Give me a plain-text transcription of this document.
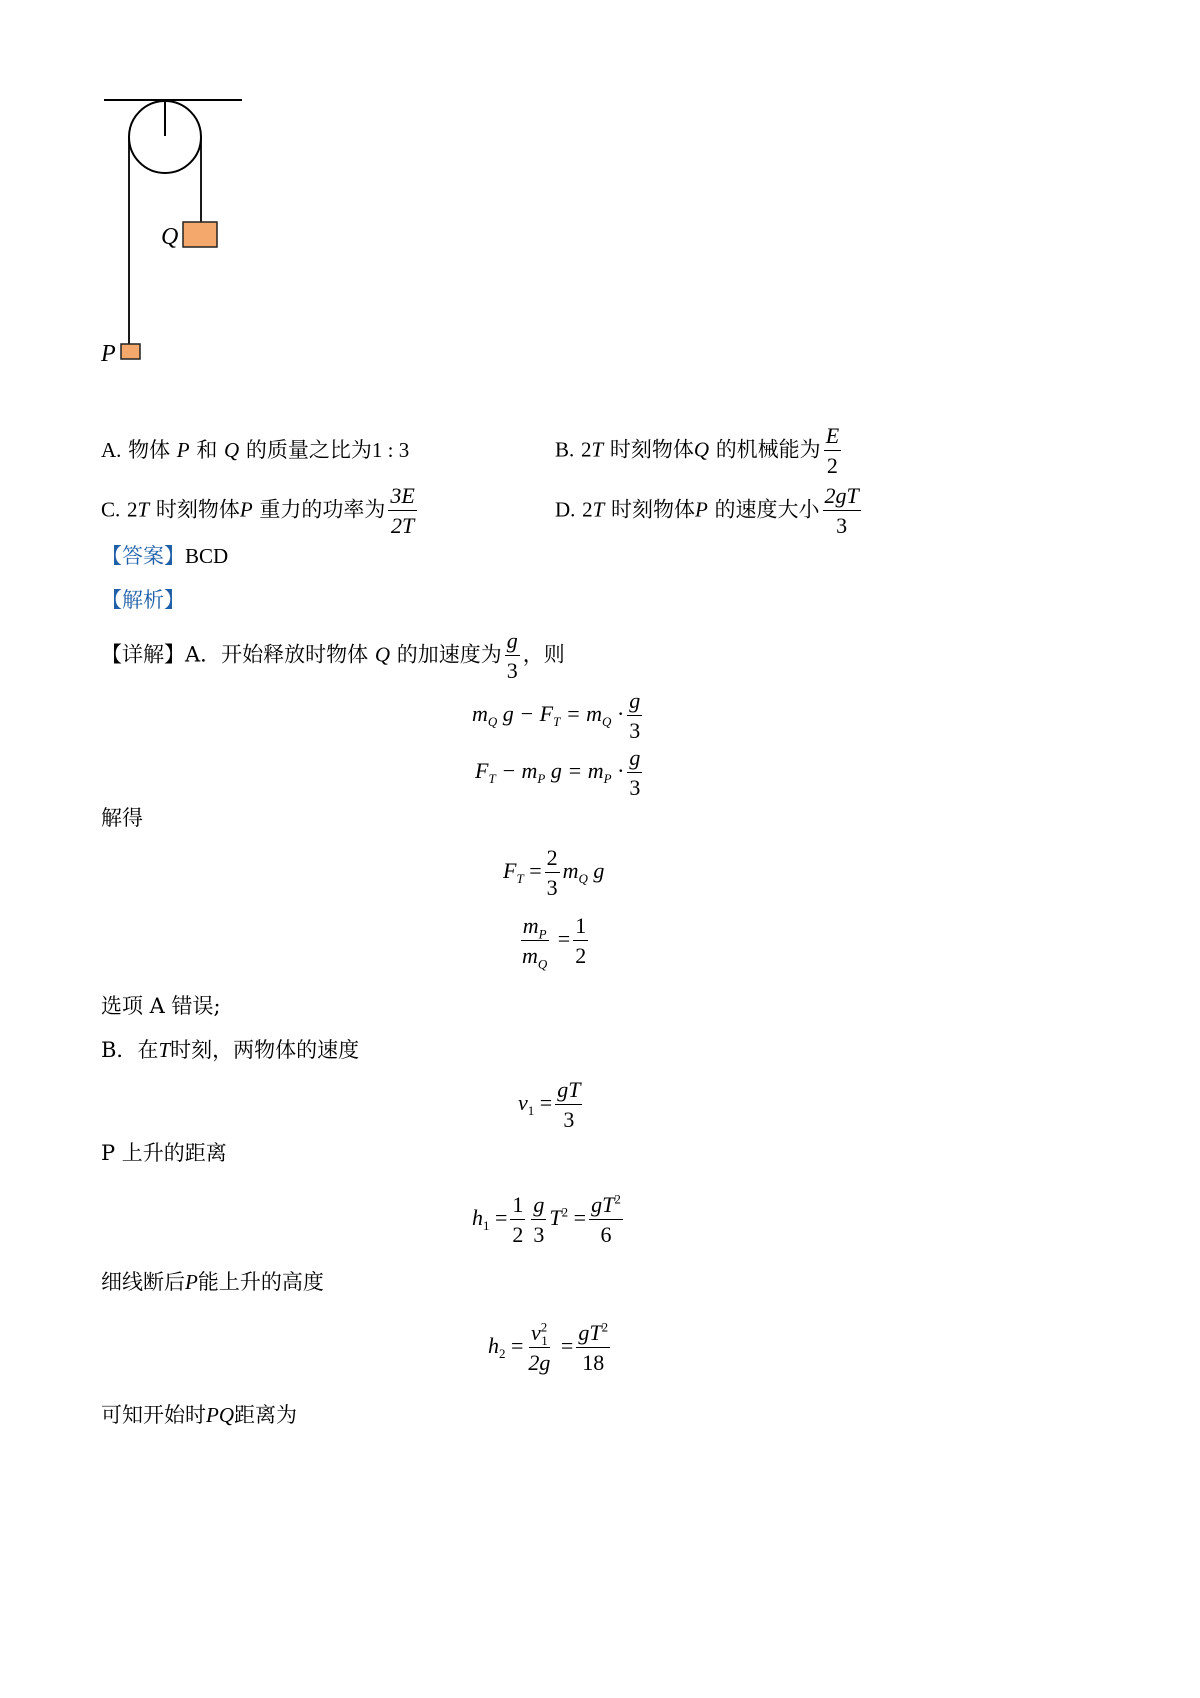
Q
P
A. 物体 P 和 Q 的质量之比为1 : 3	B. 2T 时刻物体Q 的机械能为 $\frac{E}{2}$
C. 2T 时刻物体P 重力的功率为 $\frac{3E}{2T}$	D. 2T 时刻物体P 的速度大小 $\frac{2gT}{3}$
【答案】BCD
【解析】
【详解】A．开始释放时物体 Q 的加速度为 $\frac{g}{3}$ ，则
$m_Q$ $g - F_T = m_Q \cdot \frac{g}{3}$
$F_T - m_P$ $g = m_P \cdot \frac{g}{3}$
解得
$F_T = \frac{2}{3} m_Q$ g
$\frac{m_P}{m_Q} = \frac{1}{2}$
选项 A 错误;
B．在T时刻，两物体的速度
$v_1 = \frac{gT}{3}$
P 上升的距离
$h_1 = \frac{1}{2} \frac{g}{3} T^2 = \frac{gT^2}{6}$
细线断后P能上升的高度
$h_2 = \frac{v^2_1}{2g} = \frac{gT^2}{18}$
可知开始时PQ距离为
